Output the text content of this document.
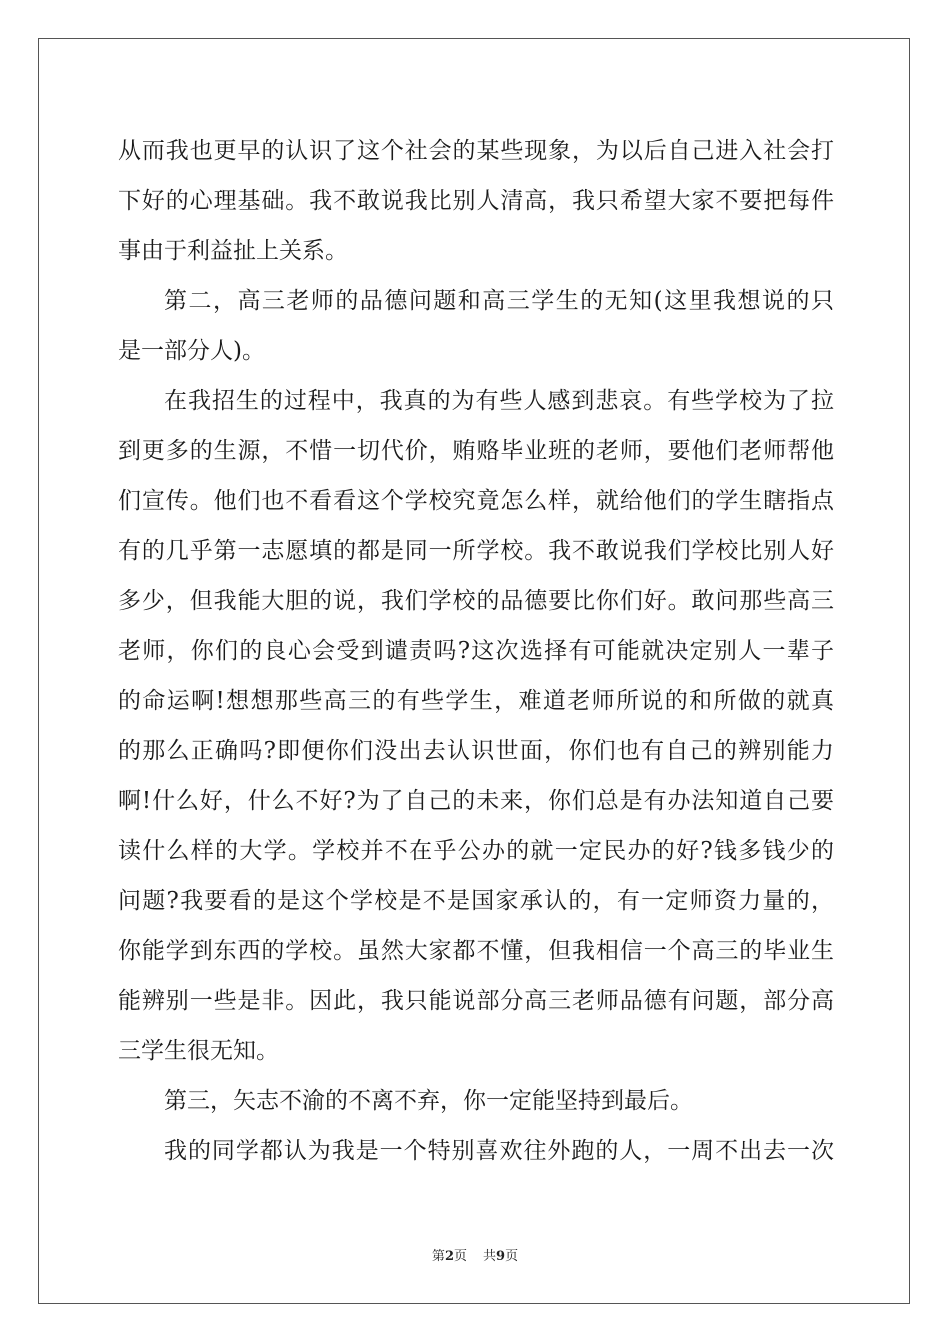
从而我也更早的认识了这个社会的某些现象，为以后自己进入社会打
下好的心理基础。我不敢说我比别人清高，我只希望大家不要把每件
事由于利益扯上关系。
第二，高三老师的品德问题和高三学生的无知(这里我想说的只
是一部分人)。
在我招生的过程中，我真的为有些人感到悲哀。有些学校为了拉
到更多的生源，不惜一切代价，贿赂毕业班的老师，要他们老师帮他
们宣传。他们也不看看这个学校究竟怎么样，就给他们的学生瞎指点
有的几乎第一志愿填的都是同一所学校。我不敢说我们学校比别人好
多少，但我能大胆的说，我们学校的品德要比你们好。敢问那些高三
老师，你们的良心会受到谴责吗?这次选择有可能就决定别人一辈子
的命运啊!想想那些高三的有些学生，难道老师所说的和所做的就真
的那么正确吗?即便你们没出去认识世面，你们也有自己的辨别能力
啊!什么好，什么不好?为了自己的未来，你们总是有办法知道自己要
读什么样的大学。学校并不在乎公办的就一定民办的好?钱多钱少的
问题?我要看的是这个学校是不是国家承认的，有一定师资力量的，
你能学到东西的学校。虽然大家都不懂，但我相信一个高三的毕业生
能辨别一些是非。因此，我只能说部分高三老师品德有问题，部分高
三学生很无知。
第三，矢志不渝的不离不弃，你一定能坚持到最后。
我的同学都认为我是一个特别喜欢往外跑的人，一周不出去一次
第2页 共9页
